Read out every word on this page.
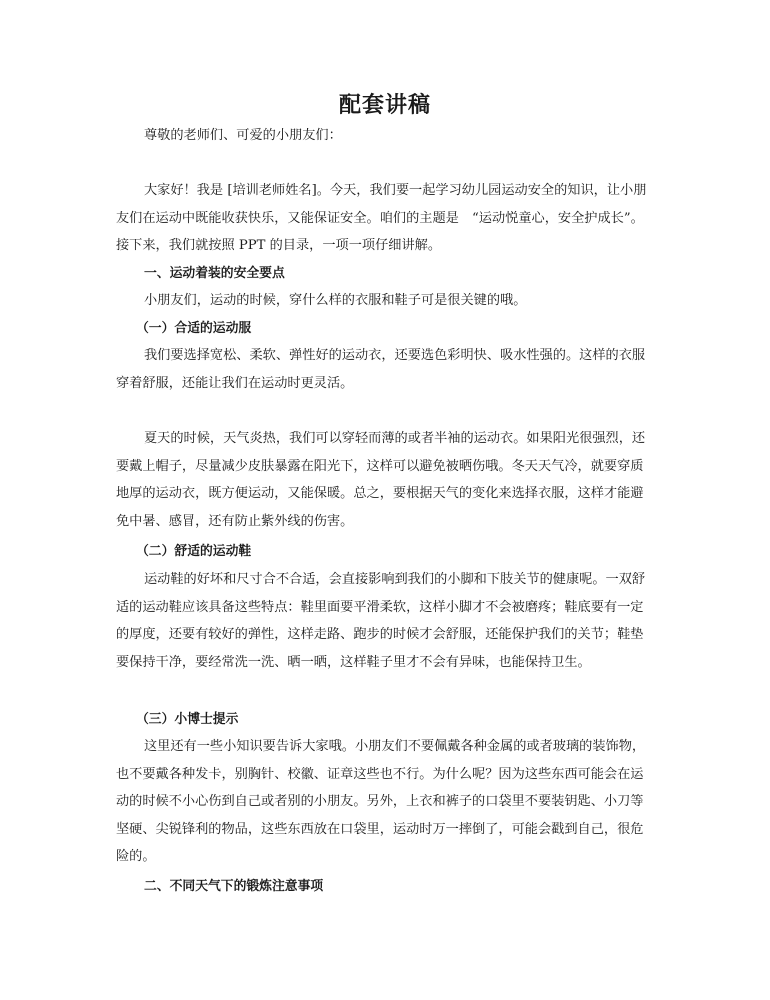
配套讲稿

尊敬的老师们、可爱的小朋友们：

大家好！我是 [培训老师姓名]。今天，我们要一起学习幼儿园运动安全的知识，让小朋友们在运动中既能收获快乐，又能保证安全。咱们的主题是　“运动悦童心，安全护成长”。接下来，我们就按照 PPT 的目录，一项一项仔细讲解。

一、运动着装的安全要点

小朋友们，运动的时候，穿什么样的衣服和鞋子可是很关键的哦。

（一）合适的运动服

我们要选择宽松、柔软、弹性好的运动衣，还要选色彩明快、吸水性强的。这样的衣服穿着舒服，还能让我们在运动时更灵活。

夏天的时候，天气炎热，我们可以穿轻而薄的或者半袖的运动衣。如果阳光很强烈，还要戴上帽子，尽量减少皮肤暴露在阳光下，这样可以避免被晒伤哦。冬天天气冷，就要穿质地厚的运动衣，既方便运动，又能保暖。总之，要根据天气的变化来选择衣服，这样才能避免中暑、感冒，还有防止紫外线的伤害。

（二）舒适的运动鞋

运动鞋的好坏和尺寸合不合适，会直接影响到我们的小脚和下肢关节的健康呢。一双舒适的运动鞋应该具备这些特点：鞋里面要平滑柔软，这样小脚才不会被磨疼；鞋底要有一定的厚度，还要有较好的弹性，这样走路、跑步的时候才会舒服，还能保护我们的关节；鞋垫要保持干净，要经常洗一洗、晒一晒，这样鞋子里才不会有异味，也能保持卫生。

（三）小博士提示

这里还有一些小知识要告诉大家哦。小朋友们不要佩戴各种金属的或者玻璃的装饰物，也不要戴各种发卡，别胸针、校徽、证章这些也不行。为什么呢？因为这些东西可能会在运动的时候不小心伤到自己或者别的小朋友。另外，上衣和裤子的口袋里不要装钥匙、小刀等坚硬、尖锐锋利的物品，这些东西放在口袋里，运动时万一摔倒了，可能会戳到自己，很危险的。

二、不同天气下的锻炼注意事项
